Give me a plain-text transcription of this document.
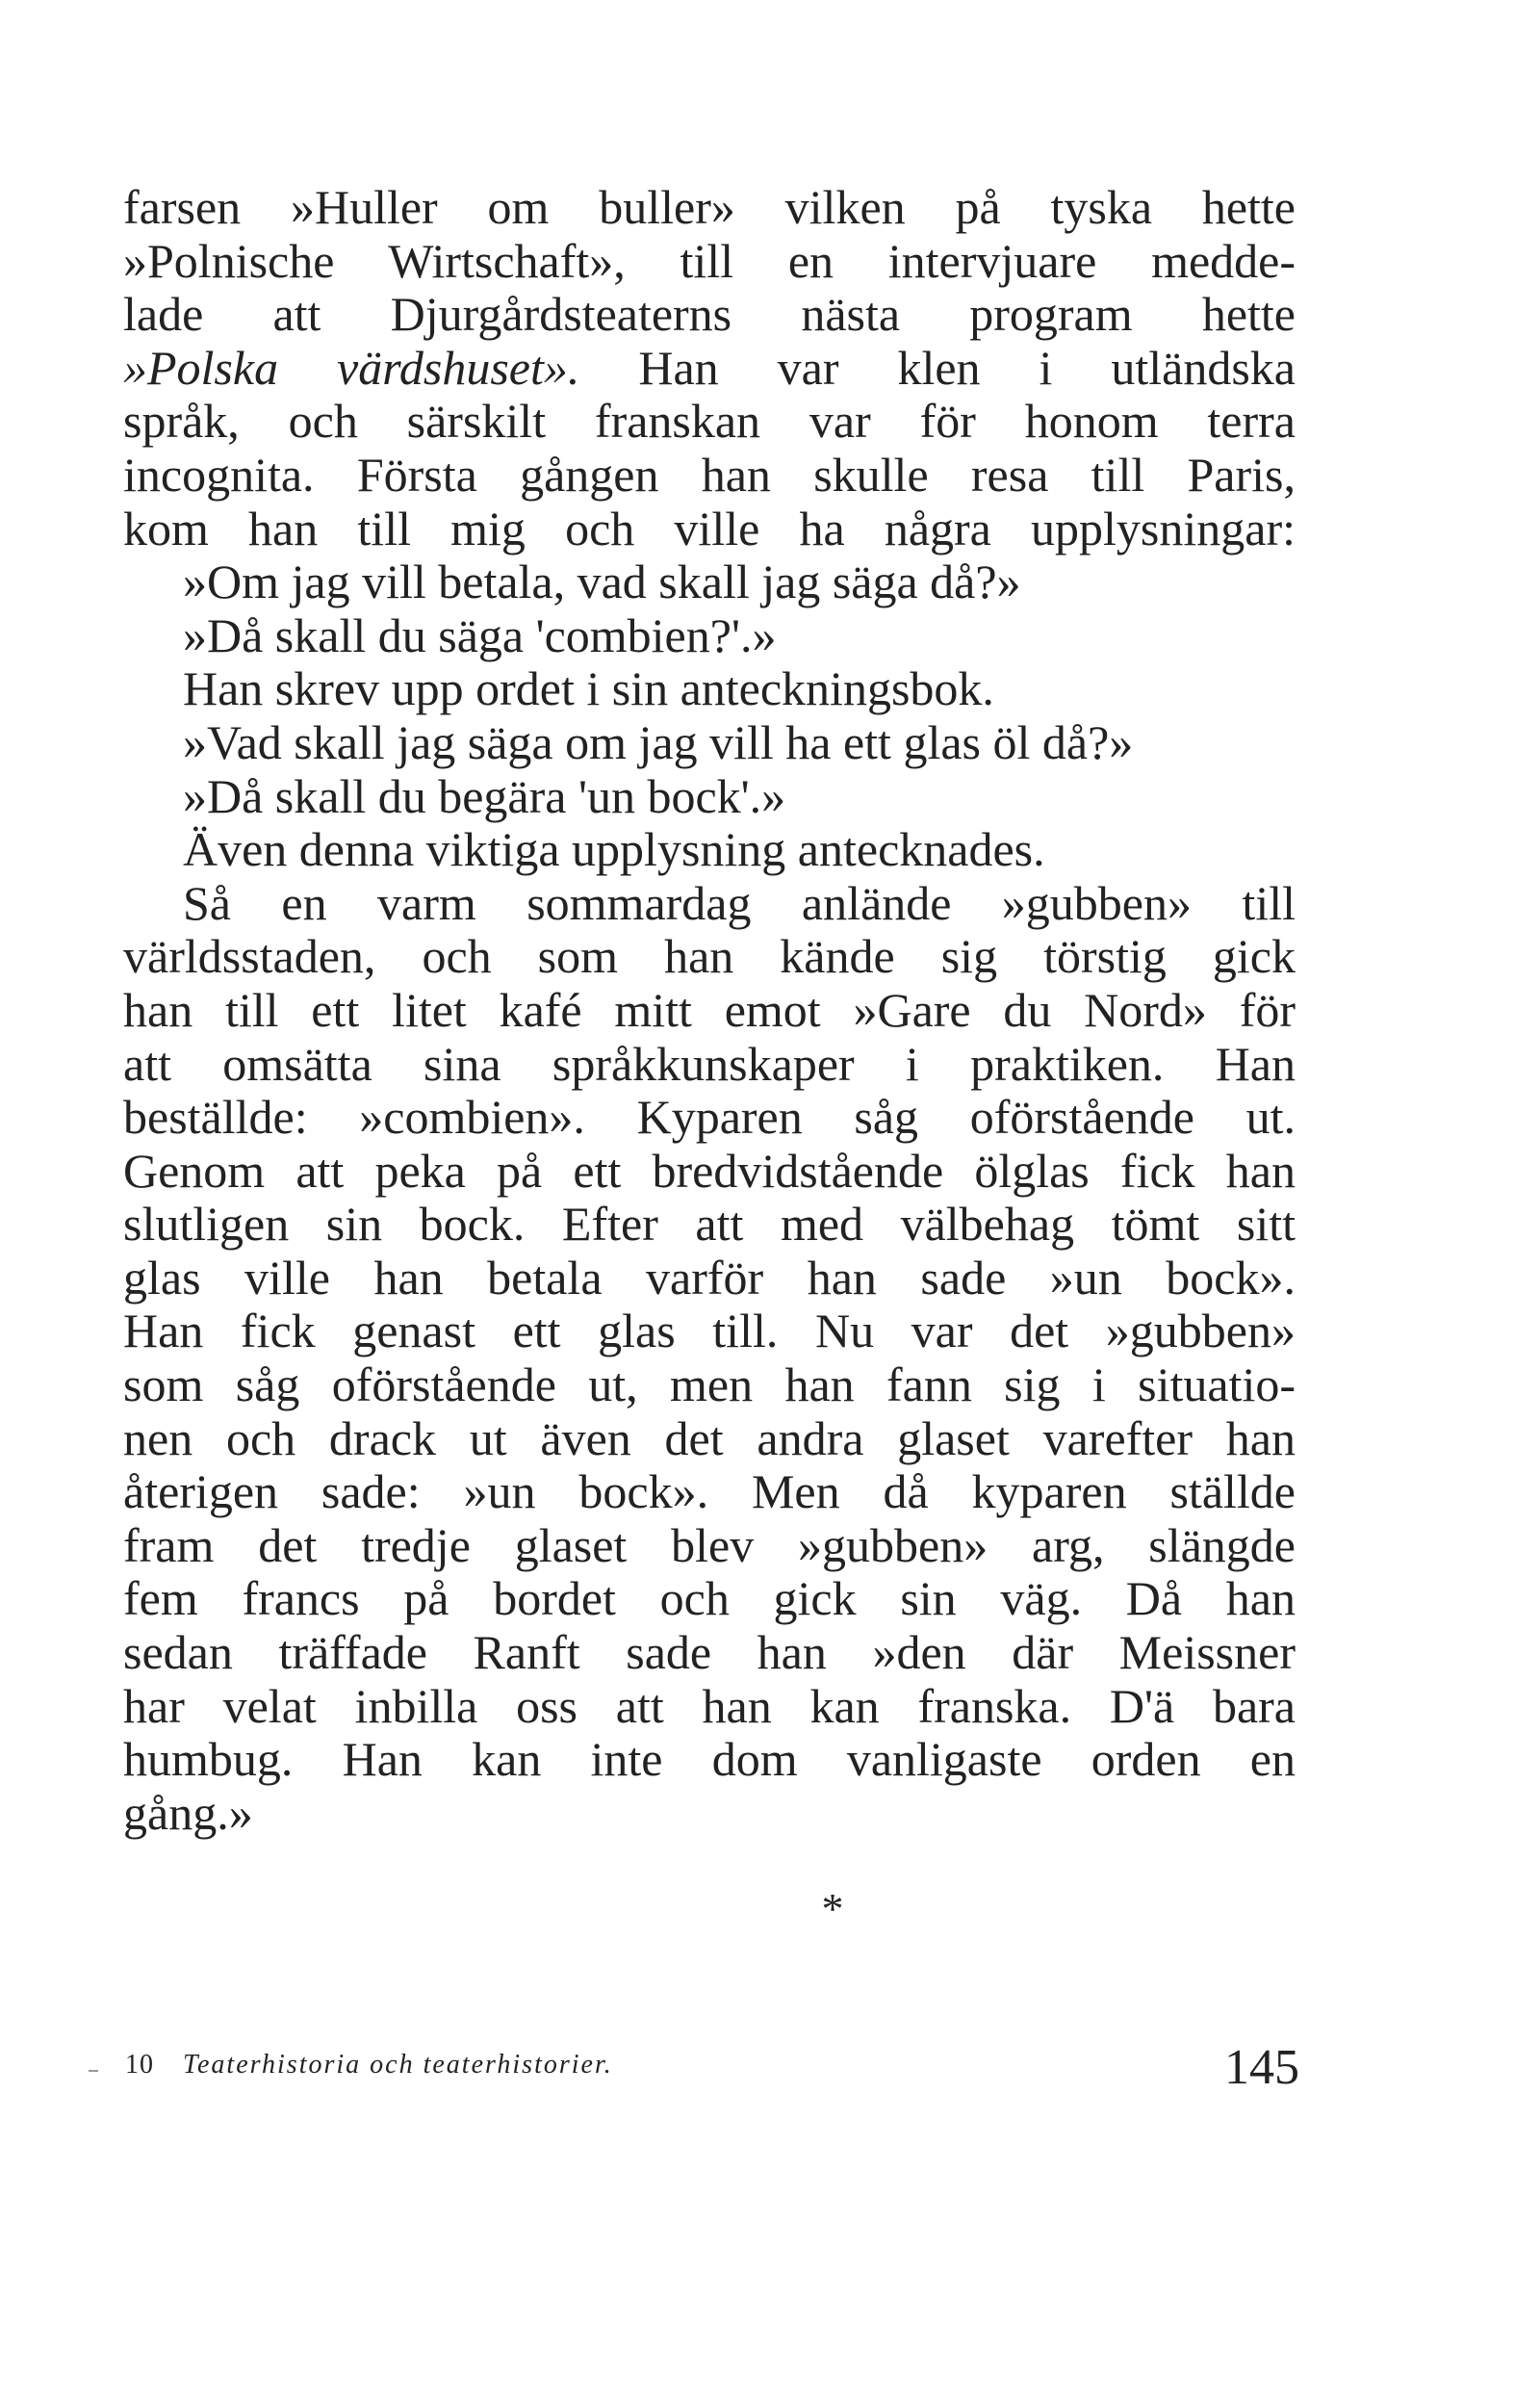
farsen »Huller om buller» vilken på tyska hette
»Polnische Wirtschaft», till en intervjuare medde-
lade att Djurgårdsteaterns nästa program hette
»Polska värdshuset». Han var klen i utländska
språk, och särskilt franskan var för honom terra
incognita. Första gången han skulle resa till Paris,
kom han till mig och ville ha några upplysningar:
»Om jag vill betala, vad skall jag säga då?»
»Då skall du säga 'combien?'.»
Han skrev upp ordet i sin anteckningsbok.
»Vad skall jag säga om jag vill ha ett glas öl då?»
»Då skall du begära 'un bock'.»
Även denna viktiga upplysning antecknades.
Så en varm sommardag anlände »gubben» till
världsstaden, och som han kände sig törstig gick
han till ett litet kafé mitt emot »Gare du Nord» för
att omsätta sina språkkunskaper i praktiken. Han
beställde: »combien». Kyparen såg oförstående ut.
Genom att peka på ett bredvidstående ölglas fick han
slutligen sin bock. Efter att med välbehag tömt sitt
glas ville han betala varför han sade »un bock».
Han fick genast ett glas till. Nu var det »gubben»
som såg oförstående ut, men han fann sig i situatio-
nen och drack ut även det andra glaset varefter han
återigen sade: »un bock». Men då kyparen ställde
fram det tredje glaset blev »gubben» arg, slängde
fem francs på bordet och gick sin väg. Då han
sedan träffade Ranft sade han »den där Meissner
har velat inbilla oss att han kan franska. D'ä bara
humbug. Han kan inte dom vanligaste orden en
gång.»
*
10 Teaterhistoria och teaterhistorier.	145
